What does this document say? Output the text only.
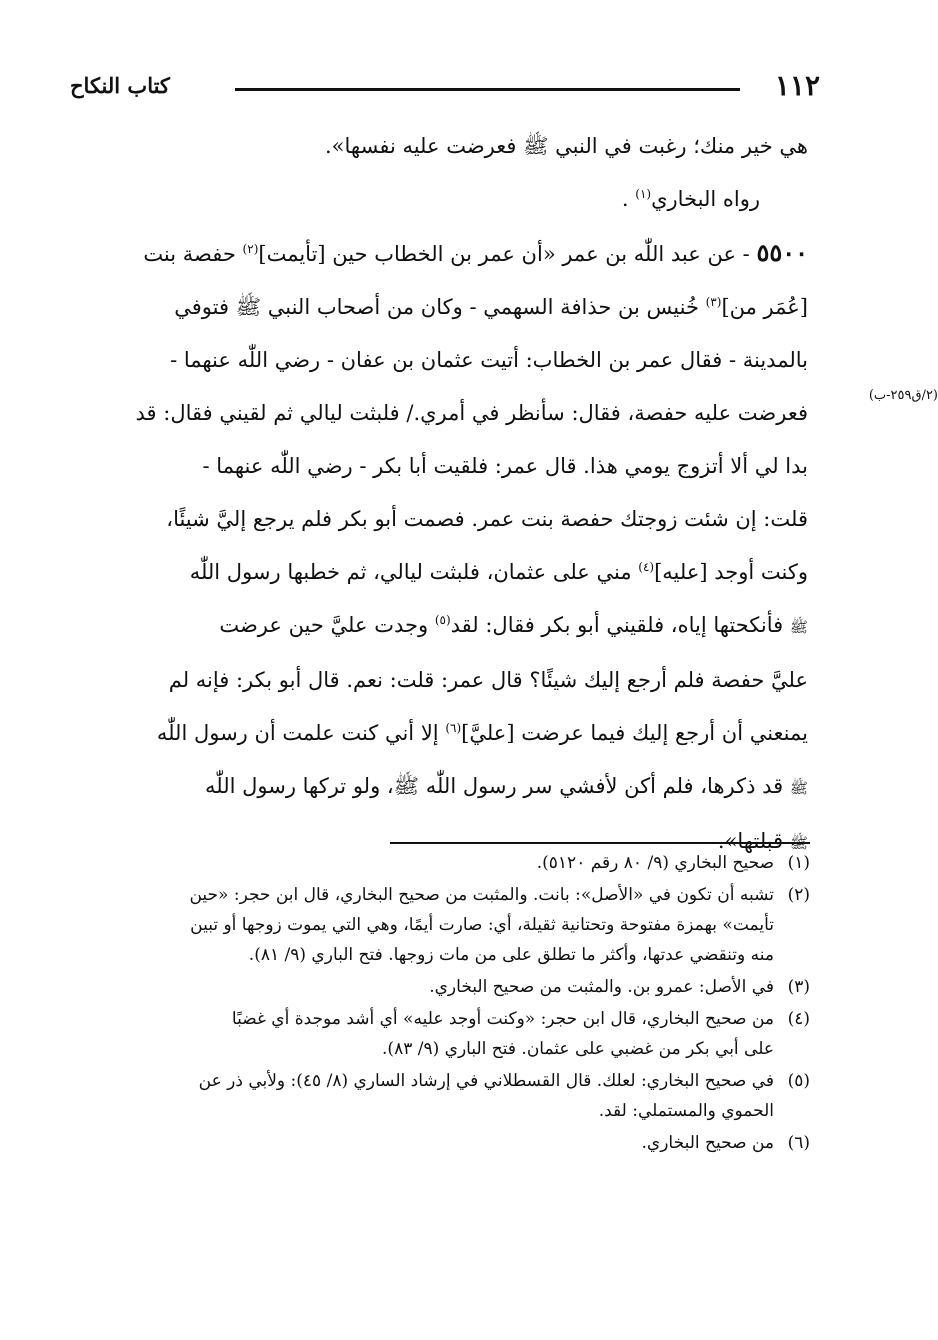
١١٢
كتاب النكاح
(٢/ق٢٥٩-ب)
هي خير منك؛ رغبت في النبي ﷺ فعرضت عليه نفسها».
رواه البخاري$^{(١)}$ .
٥٥٠٠ - عن عبد اللّٰه بن عمر «أن عمر بن الخطاب حين [تأيمت]$^{(٢)}$ حفصة بنت
[عُمَر من]$^{(٣)}$ خُنيس بن حذافة السهمي - وكان من أصحاب النبي ﷺ فتوفي
بالمدينة - فقال عمر بن الخطاب: أتيت عثمان بن عفان - رضي اللّٰه عنهما -
فعرضت عليه حفصة، فقال: سأنظر في أمري./ فلبثت ليالي ثم لقيني فقال: قد
بدا لي ألا أتزوج يومي هذا. قال عمر: فلقيت أبا بكر - رضي اللّٰه عنهما -
قلت: إن شئت زوجتك حفصة بنت عمر. فصمت أبو بكر فلم يرجع إليَّ شيئًا،
وكنت أوجد [عليه]$^{(٤)}$ مني على عثمان، فلبثت ليالي، ثم خطبها رسول اللّٰه
ﷺ فأنكحتها إياه، فلقيني أبو بكر فقال: لقد$^{(٥)}$ وجدت عليَّ حين عرضت
عليَّ حفصة فلم أرجع إليك شيئًا؟ قال عمر: قلت: نعم. قال أبو بكر: فإنه لم
يمنعني أن أرجع إليك فيما عرضت [عليَّ]$^{(٦)}$ إلا أني كنت علمت أن رسول اللّٰه
ﷺ قد ذكرها، فلم أكن لأفشي سر رسول اللّٰه ﷺ، ولو تركها رسول اللّٰه
ﷺ قبلتها».
(١)
صحيح البخاري (٩/ ٨٠ رقم ٥١٢٠).
(٢)
تشبه أن تكون في «الأصل»: بانت. والمثبت من صحيح البخاري، قال ابن حجر: «حين
تأيمت» بهمزة مفتوحة وتحتانية ثقيلة، أي: صارت أيمًا، وهي التي يموت زوجها أو تبين
منه وتنقضي عدتها، وأكثر ما تطلق على من مات زوجها. فتح الباري (٩/ ٨١).
(٣)
في الأصل: عمرو بن. والمثبت من صحيح البخاري.
(٤)
من صحيح البخاري، قال ابن حجر: «وكنت أوجد عليه» أي أشد موجدة أي غضبًا
على أبي بكر من غضبي على عثمان. فتح الباري (٩/ ٨٣).
(٥)
في صحيح البخاري: لعلك. قال القسطلاني في إرشاد الساري (٨/ ٤٥): ولأبي ذر عن
الحموي والمستملي: لقد.
(٦)
من صحيح البخاري.
